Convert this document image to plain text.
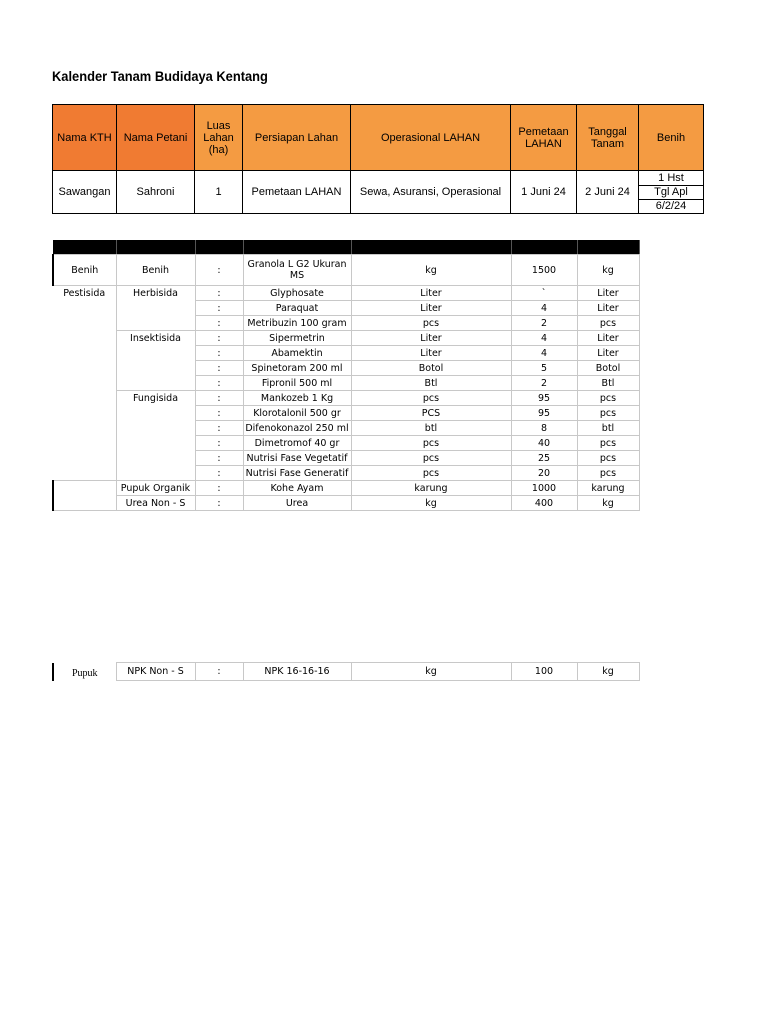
Kalender Tanam Budidaya Kentang
Nama KTH	Nama Petani	Luas Lahan (ha)	Persiapan Lahan	Operasional LAHAN	Pemetaan LAHAN	Tanggal Tanam	Benih
Sawangan	Sahroni	1	Pemetaan LAHAN	Sewa, Asuransi, Operasional	1 Juni 24	2 Juni 24	1 Hst
Tgl Apl
6/2/24

Benih	Benih	:	Granola L G2 Ukuran MS	kg	1500	kg
Pestisida	Herbisida	:	Glyphosate	Liter	`	Liter
		:	Paraquat	Liter	4	Liter
		:	Metribuzin 100 gram	pcs	2	pcs
	Insektisida	:	Sipermetrin	Liter	4	Liter
		:	Abamektin	Liter	4	Liter
		:	Spinetoram 200 ml	Botol	5	Botol
		:	Fipronil 500 ml	Btl	2	Btl
	Fungisida	:	Mankozeb 1 Kg	pcs	95	pcs
		:	Klorotalonil 500 gr	PCS	95	pcs
		:	Difenokonazol 250 ml	btl	8	btl
		:	Dimetromof 40 gr	pcs	40	pcs
		:	Nutrisi Fase Vegetatif	pcs	25	pcs
		:	Nutrisi Fase Generatif	pcs	20	pcs
	Pupuk Organik	:	Kohe Ayam	karung	1000	karung
	Urea Non - S	:	Urea	kg	400	kg
Pupuk	NPK Non - S	:	NPK 16-16-16	kg	100	kg
